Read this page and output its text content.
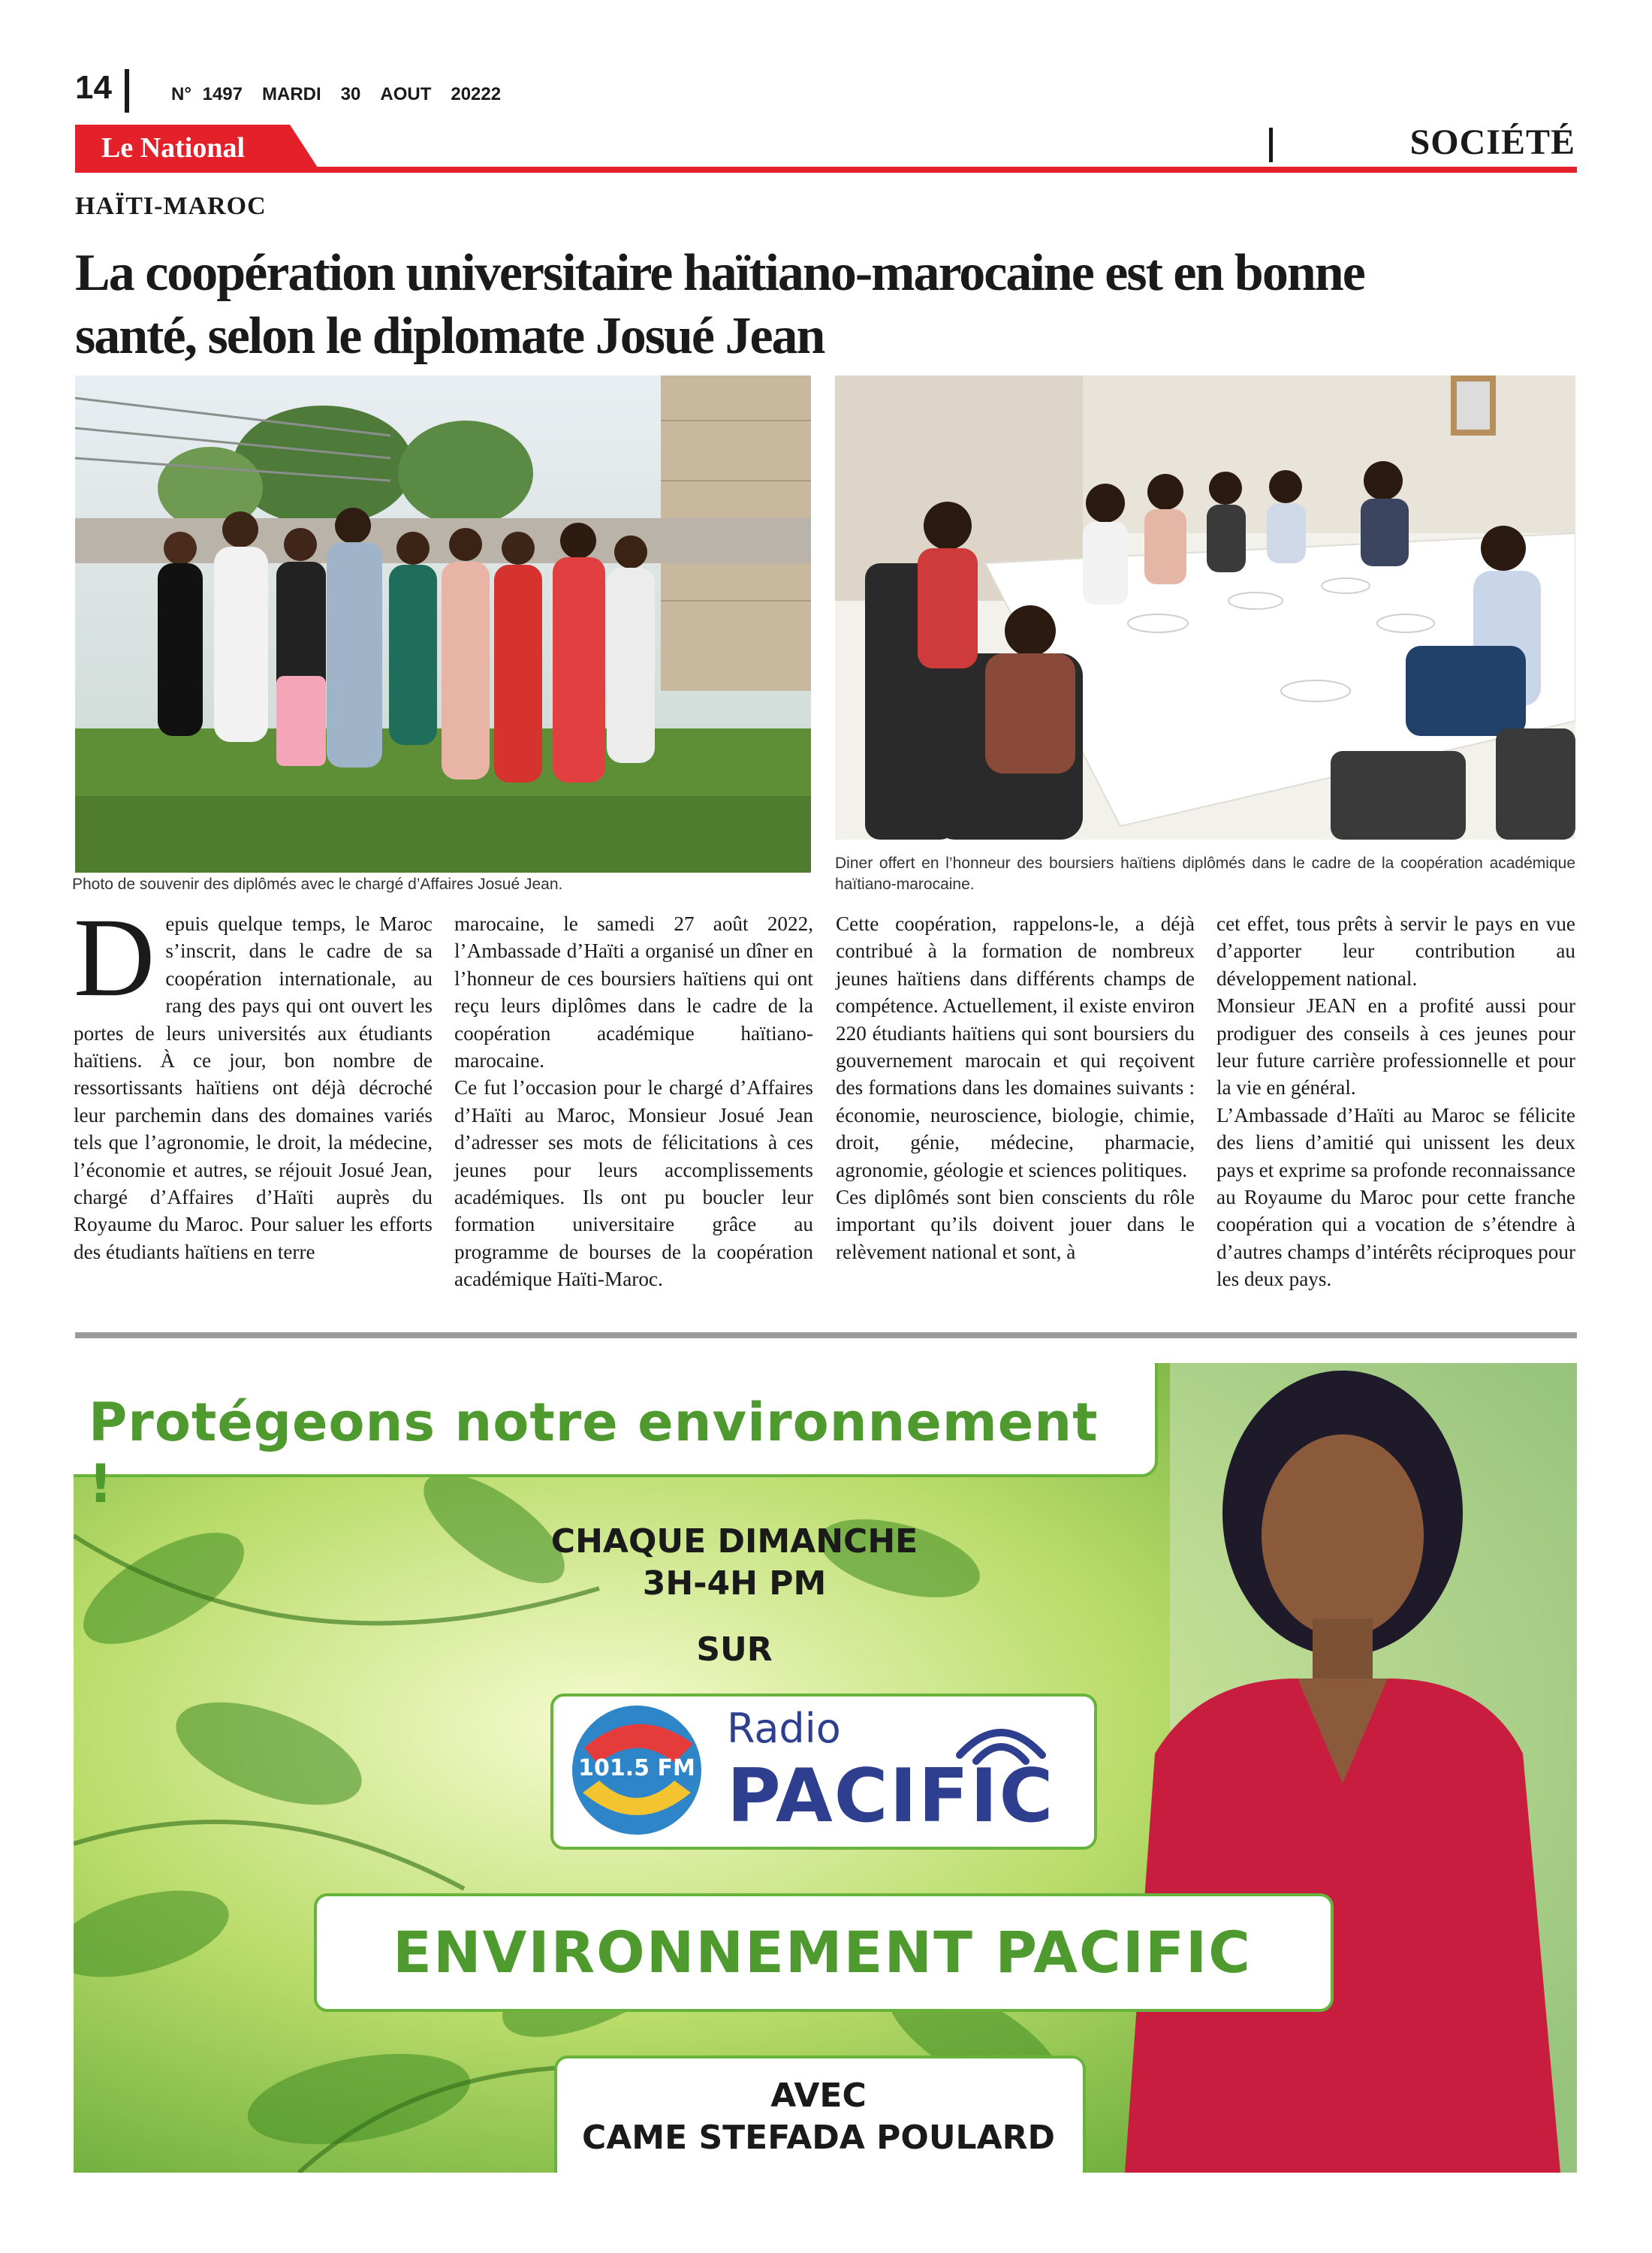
14	N° 1497 MARDI 30 AOUT 20222
Le National	SOCIÉTÉ
HAÏTI-MAROC
La coopération universitaire haïtiano-marocaine est en bonne
santé, selon le diplomate Josué Jean
Photo de souvenir des diplômés avec le chargé d’Affaires Josué Jean.
Diner offert en l’honneur des boursiers haïtiens diplômés dans le cadre de la coopération académique haïtiano-marocaine.

Depuis quelque temps, le Maroc s’inscrit, dans le cadre de sa coopération internationale, au rang des pays qui ont ouvert les portes de leurs universités aux étudiants haïtiens. À ce jour, bon nombre de ressortissants haïtiens ont déjà décroché leur parchemin dans des domaines variés tels que l’agronomie, le droit, la médecine, l’économie et autres, se réjouit Josué Jean, chargé d’Affaires d’Haïti auprès du Royaume du Maroc. Pour saluer les efforts des étudiants haïtiens en terre

marocaine, le samedi 27 août 2022, l’Ambassade d’Haïti a organisé un dîner en l’honneur de ces boursiers haïtiens qui ont reçu leurs diplômes dans le cadre de la coopération académique haïtiano-marocaine.

Ce fut l’occasion pour le chargé d’Affaires d’Haïti au Maroc, Monsieur Josué Jean d’adresser ses mots de félicitations à ces jeunes pour leurs accomplissements académiques. Ils ont pu boucler leur formation universitaire grâce au programme de bourses de la coopération académique Haïti-Maroc.

Cette coopération, rappelons-le, a déjà contribué à la formation de nombreux jeunes haïtiens dans différents champs de compétence. Actuellement, il existe environ 220 étudiants haïtiens qui sont boursiers du gouvernement marocain et qui reçoivent des formations dans les domaines suivants : économie, neuroscience, biologie, chimie, droit, génie, médecine, pharmacie, agronomie, géologie et sciences politiques.

Ces diplômés sont bien conscients du rôle important qu’ils doivent jouer dans le relèvement national et sont, à

cet effet, tous prêts à servir le pays en vue d’apporter leur contribution au développement national.

Monsieur JEAN en a profité aussi pour prodiguer des conseils à ces jeunes pour leur future carrière professionnelle et pour la vie en général.

L’Ambassade d’Haïti au Maroc se félicite des liens d’amitié qui unissent les deux pays et exprime sa profonde reconnaissance au Royaume du Maroc pour cette franche coopération qui a vocation de s’étendre à d’autres champs d’intérêts réciproques pour les deux pays.

Protégeons notre environnement !
CHAQUE DIMANCHE
3H-4H PM
SUR
101.5 FM
Radio
PACIFIC
ENVIRONNEMENT PACIFIC
AVEC
CAME STEFADA POULARD
